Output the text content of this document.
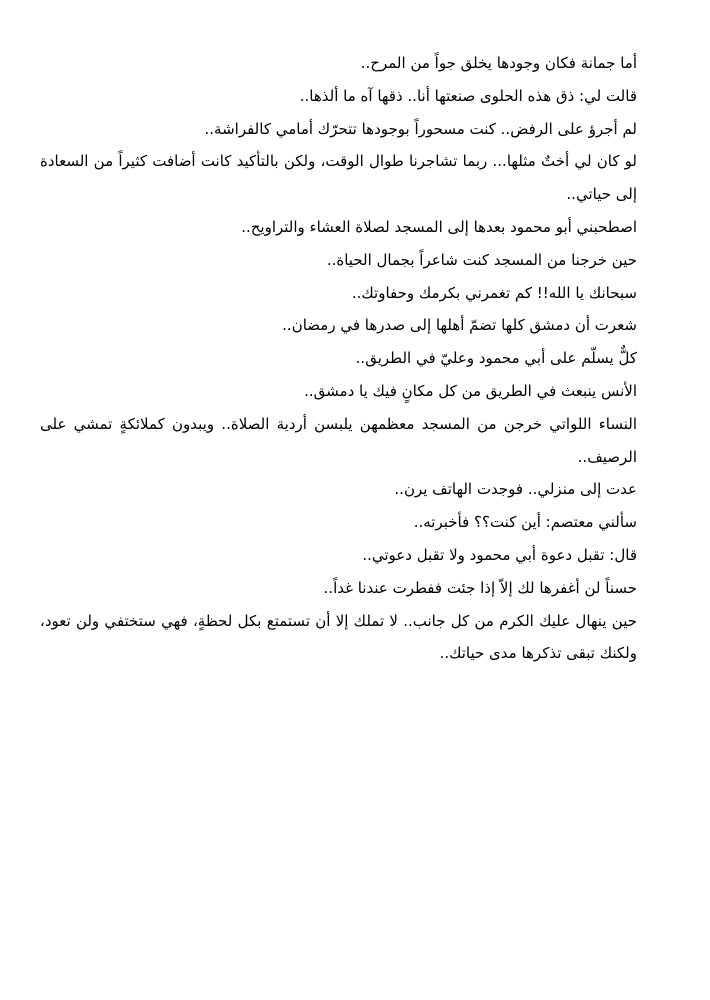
أما جمانة فكان وجودها يخلق جواً من المرح..

قالت لي: ذق هذه الحلوى صنعتها أنا.. ذقها آه ما ألذها..

لم أجرؤ على الرفض.. كنت مسحوراً بوجودها تتحرّك أمامي كالفراشة..

لو كان لي أختٌ مثلها... ربما تشاجرنا طوال الوقت، ولكن بالتأكيد كانت أضافت كثيراً من السعادة إلى حياتي..

اصطحبني أبو محمود بعدها إلى المسجد لصلاة العشاء والتراويح..

حين خرجنا من المسجد كنت شاعراً بجمال الحياة..

سبحانك يا الله!! كم تغمرني بكرمك وحفاوتك..

شعرت أن دمشق كلها تضمّ أهلها إلى صدرها في رمضان..

كلٌّ يسلّم على أبي محمود وعليّ في الطريق..

الأنس ينبعث في الطريق من كل مكانٍ فيك يا دمشق..

النساء اللواتي خرجن من المسجد معظمهن يلبسن أردية الصلاة.. ويبدون كملائكةٍ تمشي على الرصيف..

عدت إلى منزلي.. فوجدت الهاتف يرن..

سألني معتصم: أين كنت؟؟ فأخبرته..

قال: تقبل دعوة أبي محمود ولا تقبل دعوتي..

حسناً لن أغفرها لك إلاّ إذا جئت ففطرت عندنا غداً..

حين ينهال عليك الكرم من كل جانب.. لا تملك إلا أن تستمتع بكل لحظةٍ، فهي ستختفي ولن تعود، ولكنك تبقى تذكرها مدى حياتك..
